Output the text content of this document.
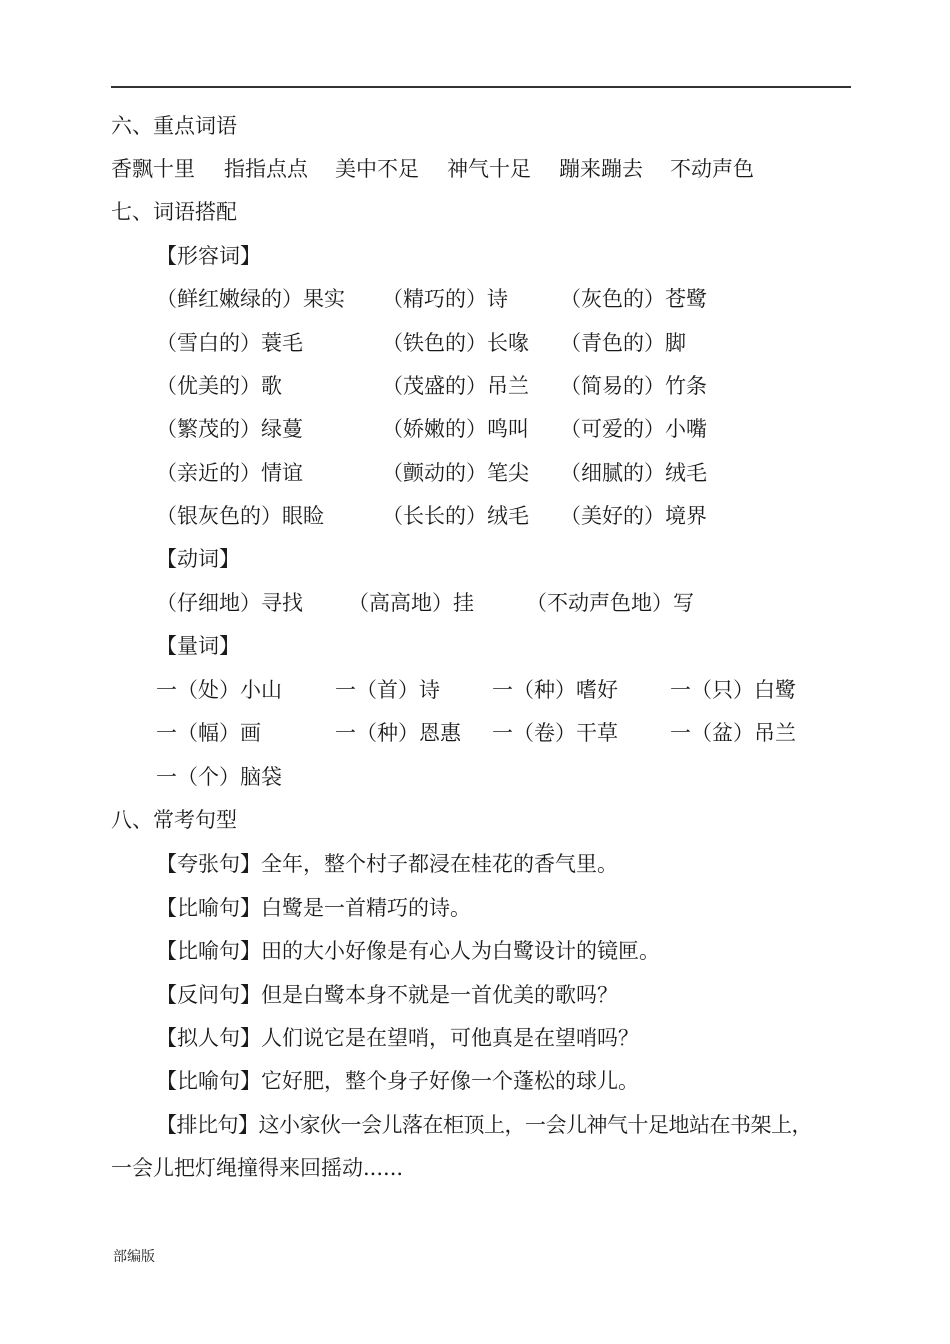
六、重点词语
香飘十里 指指点点 美中不足 神气十足 蹦来蹦去 不动声色
七、词语搭配
【形容词】
（鲜红嫩绿的）果实 （精巧的）诗 （灰色的）苍鹭
（雪白的）蓑毛	（铁色的）长喙 （青色的）脚
（优美的）歌	（茂盛的）吊兰 （简易的）竹条
（繁茂的）绿蔓	（娇嫩的）鸣叫 （可爱的）小嘴
（亲近的）情谊	（颤动的）笔尖 （细腻的）绒毛
（银灰色的）眼睑	（长长的）绒毛 （美好的）境界
【动词】
（仔细地）寻找 （高高地）挂 （不动声色地）写
【量词】
一（处）小山	一（首）诗 一（种）嗜好 一（只）白鹭
一（幅）画	一（种）恩惠 一（卷）干草 一（盆）吊兰
一（个）脑袋
八、常考句型
【夸张句】全年，整个村子都浸在桂花的香气里。
【比喻句】白鹭是一首精巧的诗。
【比喻句】田的大小好像是有心人为白鹭设计的镜匣。
【反问句】但是白鹭本身不就是一首优美的歌吗？
【拟人句】人们说它是在望哨，可他真是在望哨吗？
【比喻句】它好肥，整个身子好像一个蓬松的球儿。
【排比句】这小家伙一会儿落在柜顶上，一会儿神气十足地站在书架上，
一会儿把灯绳撞得来回摇动......
部编版
